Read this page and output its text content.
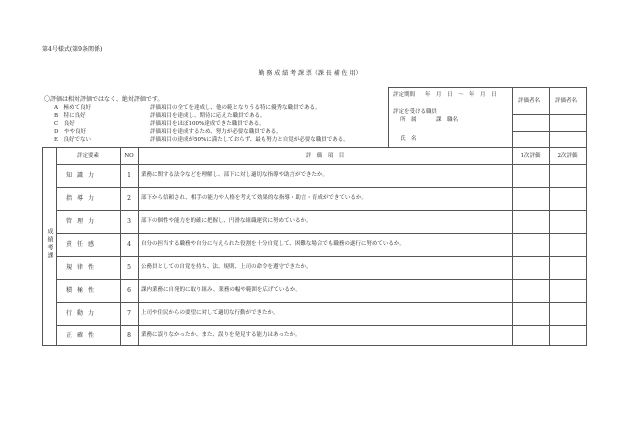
第4号様式(第9条関係)
勤 務 成 績 考 課 票（課 長 補 佐 用）
〇評価は相対評価ではなく、絶対評価です。
A　 極めて良好	評価項目の全てを達成し、他の範となりうる特に優秀な職員である。
B　 特に良好	評価項目を達成し、期待に応えた職員である。
C　 良好	評価項目をほぼ100%達成できた職員である。
D　 やや良好	評価項目を達成するため、努力が必要な職員である。
E　 良好でない	評価項目の達成が50%に満たしておらず、最も努力と自覚が必要な職員である。
評定期間 年　月　日　～　年　月　日
評定を受ける職員
所　属	課　職名
氏　名
評価者名	評価者名
成績考課
評定要素	NO	評　価　項　目	1次評価	2次評価
知識力	1	業務に関する法令などを理解し、部下に対し適切な指導や助言ができたか。
指導力	2	部下から信頼され、相手の能力や人格を考えて効果的な指導・助言・育成ができているか。
管理力	3	部下の個性や能力を的確に把握し、円滑な組織運営に努めているか。
責任感	4	自分の担当する職務や自分に与えられた役割を十分自覚して、困難な場合でも職務の遂行に努めているか。
規律性	5	公務員としての自覚を持ち、法、規則、上司の命令を遵守できたか。
積極性	6	課内業務に自発的に取り組み、業務の幅や範囲を広げているか。
行動力	7	上司や住民からの要望に対して適切な行動ができたか。
正確性	8	業務に誤りなかったか、また、誤りを発見する能力はあったか。
